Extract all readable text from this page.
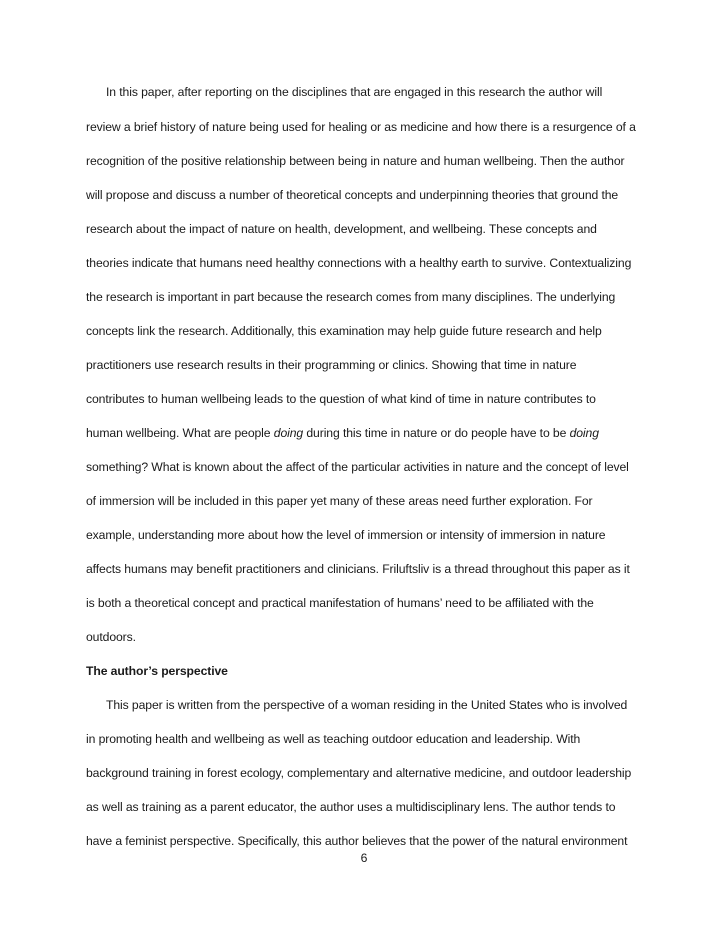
In this paper, after reporting on the disciplines that are engaged in this research the author will
review a brief history of nature being used for healing or as medicine and how there is a resurgence of a
recognition of the positive relationship between being in nature and human wellbeing. Then the author
will propose and discuss a number of theoretical concepts and underpinning theories that ground the
research about the impact of nature on health, development, and wellbeing. These concepts and
theories indicate that humans need healthy connections with a healthy earth to survive. Contextualizing
the research is important in part because the research comes from many disciplines. The underlying
concepts link the research. Additionally, this examination may help guide future research and help
practitioners use research results in their programming or clinics. Showing that time in nature
contributes to human wellbeing leads to the question of what kind of time in nature contributes to
human wellbeing. What are people doing during this time in nature or do people have to be doing
something? What is known about the affect of the particular activities in nature and the concept of level
of immersion will be included in this paper yet many of these areas need further exploration. For
example, understanding more about how the level of immersion or intensity of immersion in nature
affects humans may benefit practitioners and clinicians. Friluftsliv is a thread throughout this paper as it
is both a theoretical concept and practical manifestation of humans’ need to be affiliated with the
outdoors.
The author’s perspective
This paper is written from the perspective of a woman residing in the United States who is involved
in promoting health and wellbeing as well as teaching outdoor education and leadership. With
background training in forest ecology, complementary and alternative medicine, and outdoor leadership
as well as training as a parent educator, the author uses a multidisciplinary lens. The author tends to
have a feminist perspective. Specifically, this author believes that the power of the natural environment
6
